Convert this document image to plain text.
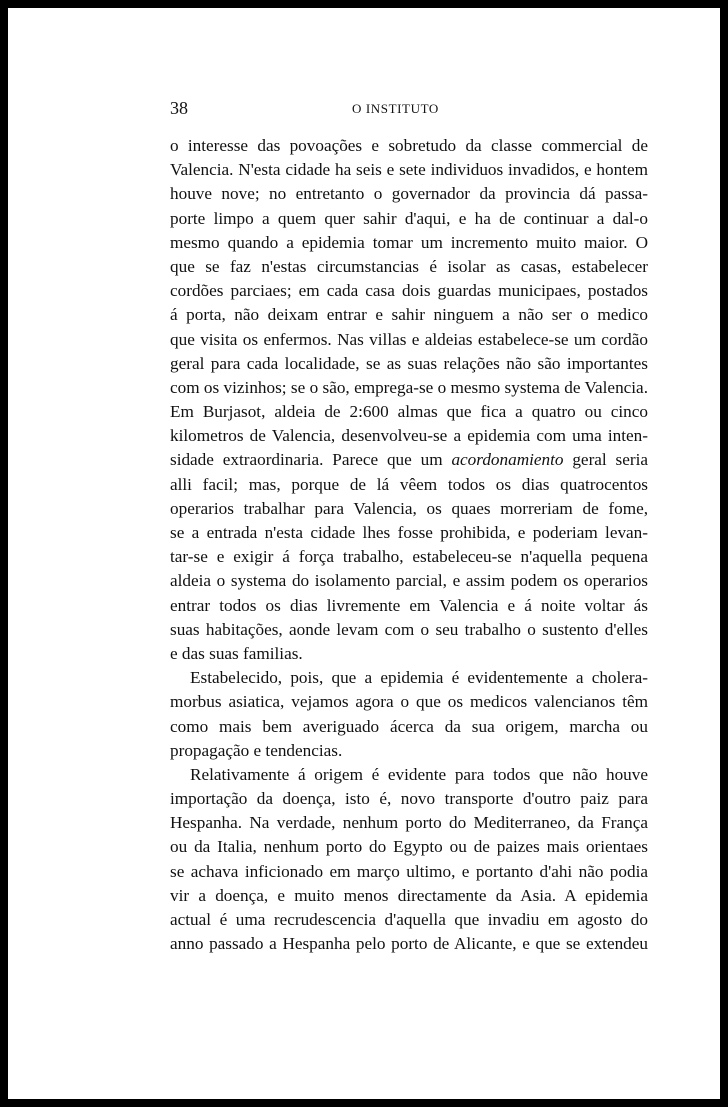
38	O INSTITUTO
o interesse das povoações e sobretudo da classe commercial de
Valencia. N'esta cidade ha seis e sete individuos invadidos, e hontem
houve nove; no entretanto o governador da provincia dá passa-
porte limpo a quem quer sahir d'aqui, e ha de continuar a dal-o
mesmo quando a epidemia tomar um incremento muito maior. O
que se faz n'estas circumstancias é isolar as casas, estabelecer
cordões parciaes; em cada casa dois guardas municipaes, postados
á porta, não deixam entrar e sahir ninguem a não ser o medico
que visita os enfermos. Nas villas e aldeias estabelece-se um cordão
geral para cada localidade, se as suas relações não são importantes
com os vizinhos; se o são, emprega-se o mesmo systema de Valencia.
Em Burjasot, aldeia de 2:600 almas que fica a quatro ou cinco
kilometros de Valencia, desenvolveu-se a epidemia com uma inten-
sidade extraordinaria. Parece que um acordonamiento geral seria
alli facil; mas, porque de lá vêem todos os dias quatrocentos
operarios trabalhar para Valencia, os quaes morreriam de fome,
se a entrada n'esta cidade lhes fosse prohibida, e poderiam levan-
tar-se e exigir á força trabalho, estabeleceu-se n'aquella pequena
aldeia o systema do isolamento parcial, e assim podem os operarios
entrar todos os dias livremente em Valencia e á noite voltar ás
suas habitações, aonde levam com o seu trabalho o sustento d'elles
e das suas familias.
Estabelecido, pois, que a epidemia é evidentemente a cholera-
morbus asiatica, vejamos agora o que os medicos valencianos têm
como mais bem averiguado ácerca da sua origem, marcha ou
propagação e tendencias.
Relativamente á origem é evidente para todos que não houve
importação da doença, isto é, novo transporte d'outro paiz para
Hespanha. Na verdade, nenhum porto do Mediterraneo, da França
ou da Italia, nenhum porto do Egypto ou de paizes mais orientaes
se achava inficionado em março ultimo, e portanto d'ahi não podia
vir a doença, e muito menos directamente da Asia. A epidemia
actual é uma recrudescencia d'aquella que invadiu em agosto do
anno passado a Hespanha pelo porto de Alicante, e que se extendeu
